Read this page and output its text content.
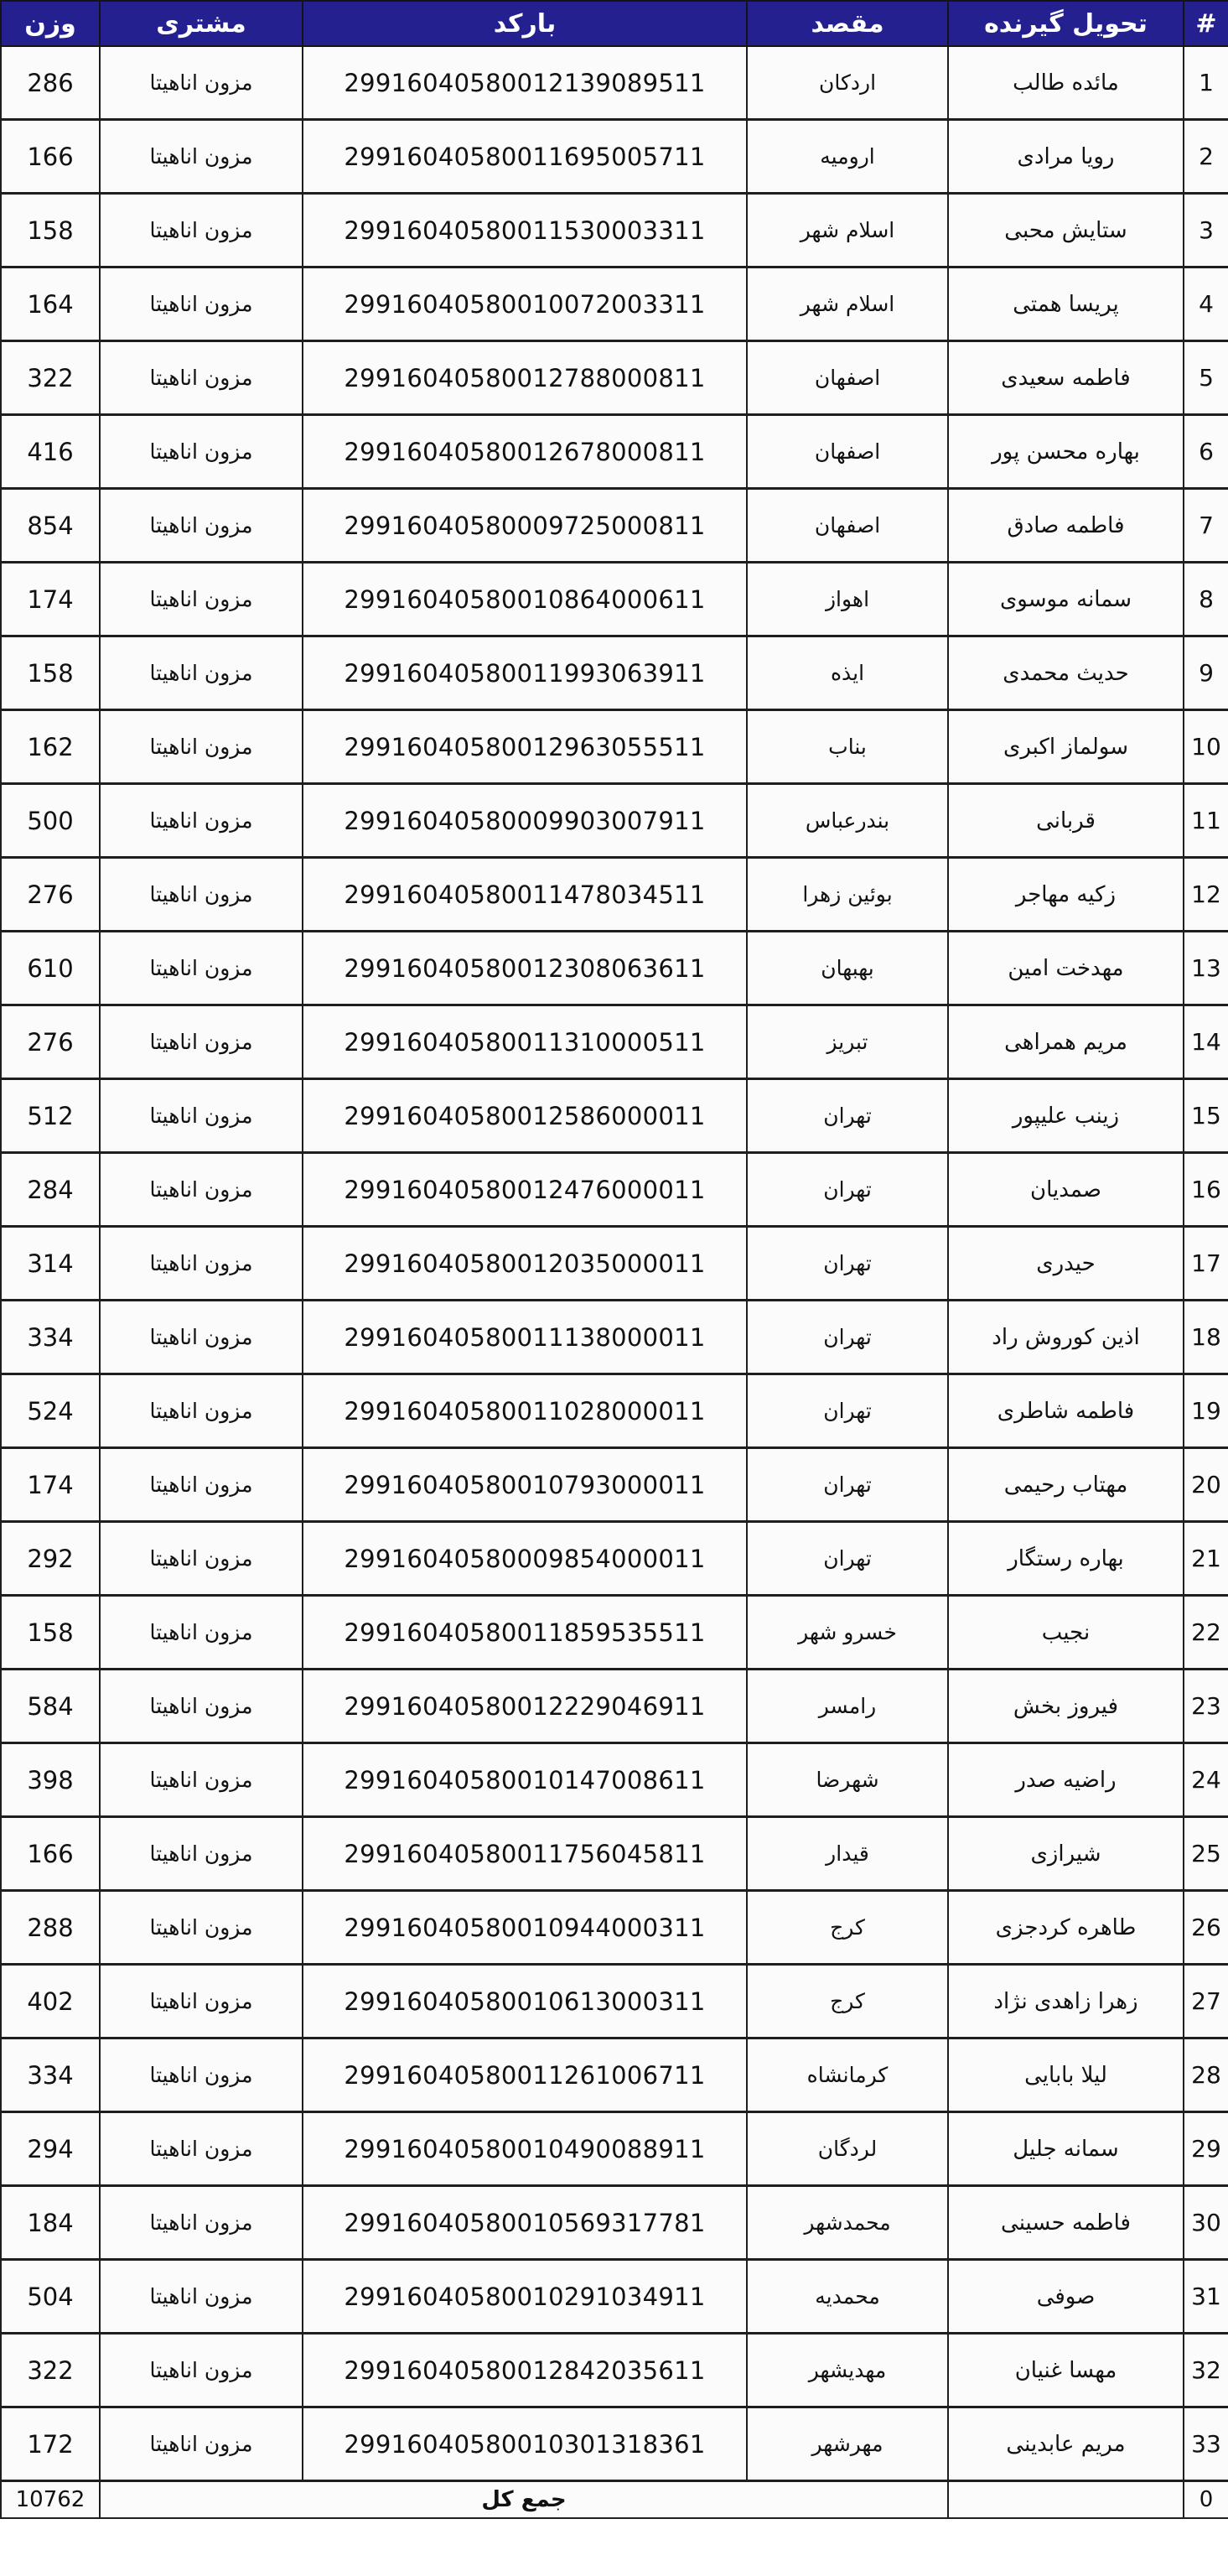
وزن	مشتری	بارکد	مقصد	تحویل گیرنده	#
286	مزون اناهیتا	29916040580012139089511	اردکان	مائده طالب	1
166	مزون اناهیتا	29916040580011695005711	ارومیه	رویا مرادی	2
158	مزون اناهیتا	29916040580011530003311	اسلام شهر	ستایش محبی	3
164	مزون اناهیتا	29916040580010072003311	اسلام شهر	پریسا همتی	4
322	مزون اناهیتا	29916040580012788000811	اصفهان	فاطمه سعیدی	5
416	مزون اناهیتا	29916040580012678000811	اصفهان	بهاره محسن پور	6
854	مزون اناهیتا	29916040580009725000811	اصفهان	فاطمه صادق	7
174	مزون اناهیتا	29916040580010864000611	اهواز	سمانه موسوی	8
158	مزون اناهیتا	29916040580011993063911	ایذه	حدیث محمدی	9
162	مزون اناهیتا	29916040580012963055511	بناب	سولماز اکبری	10
500	مزون اناهیتا	29916040580009903007911	بندرعباس	قربانی	11
276	مزون اناهیتا	29916040580011478034511	بوئین زهرا	زکیه مهاجر	12
610	مزون اناهیتا	29916040580012308063611	بهبهان	مهدخت امین	13
276	مزون اناهیتا	29916040580011310000511	تبریز	مریم همراهی	14
512	مزون اناهیتا	29916040580012586000011	تهران	زینب علیپور	15
284	مزون اناهیتا	29916040580012476000011	تهران	صمدیان	16
314	مزون اناهیتا	29916040580012035000011	تهران	حیدری	17
334	مزون اناهیتا	29916040580011138000011	تهران	اذین کوروش راد	18
524	مزون اناهیتا	29916040580011028000011	تهران	فاطمه شاطری	19
174	مزون اناهیتا	29916040580010793000011	تهران	مهتاب رحیمی	20
292	مزون اناهیتا	29916040580009854000011	تهران	بهاره رستگار	21
158	مزون اناهیتا	29916040580011859535511	خسرو شهر	نجیب	22
584	مزون اناهیتا	29916040580012229046911	رامسر	فیروز بخش	23
398	مزون اناهیتا	29916040580010147008611	شهرضا	راضیه صدر	24
166	مزون اناهیتا	29916040580011756045811	قیدار	شیرازی	25
288	مزون اناهیتا	29916040580010944000311	کرج	طاهره کردجزی	26
402	مزون اناهیتا	29916040580010613000311	کرج	زهرا زاهدی نژاد	27
334	مزون اناهیتا	29916040580011261006711	کرمانشاه	لیلا بابایی	28
294	مزون اناهیتا	29916040580010490088911	لردگان	سمانه جلیل	29
184	مزون اناهیتا	29916040580010569317781	محمدشهر	فاطمه حسینی	30
504	مزون اناهیتا	29916040580010291034911	محمدیه	صوفی	31
322	مزون اناهیتا	29916040580012842035611	مهدیشهر	مهسا غنیان	32
172	مزون اناهیتا	29916040580010301318361	مهرشهر	مریم عابدینی	33
10762	جمع کل				0
